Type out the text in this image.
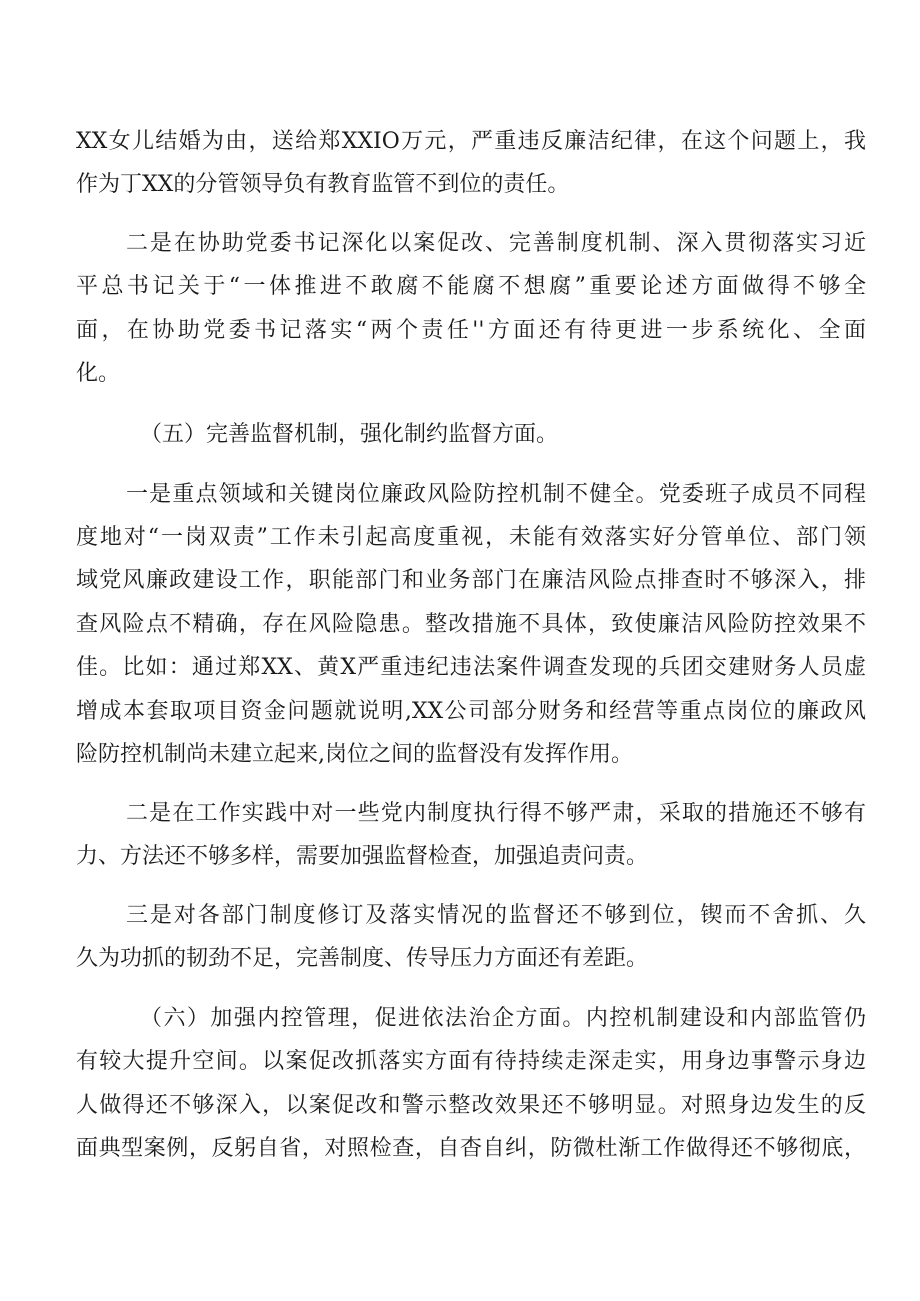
XX女儿结婚为由，送给郑XXIO万元，严重违反廉洁纪律，在这个问题上，我
作为丁XX的分管领导负有教育监管不到位的责任。
二是在协助党委书记深化以案促改、完善制度机制、深入贯彻落实习近
平总书记关于“一体推进不敢腐不能腐不想腐”重要论述方面做得不够全
面，在协助党委书记落实“两个责任''方面还有待更进一步系统化、全面
化。
（五）完善监督机制，强化制约监督方面。
一是重点领域和关键岗位廉政风险防控机制不健全。党委班子成员不同程
度地对“一岗双责”工作未引起高度重视，未能有效落实好分管单位、部门领
域党风廉政建设工作，职能部门和业务部门在廉洁风险点排查时不够深入，排
查风险点不精确，存在风险隐患。整改措施不具体，致使廉洁风险防控效果不
佳。比如：通过郑XX、黄X严重违纪违法案件调查发现的兵团交建财务人员虚
增成本套取项目资金问题就说明,XX公司部分财务和经营等重点岗位的廉政风
险防控机制尚未建立起来,岗位之间的监督没有发挥作用。
二是在工作实践中对一些党内制度执行得不够严肃，采取的措施还不够有
力、方法还不够多样，需要加强监督检查，加强追责问责。
三是对各部门制度修订及落实情况的监督还不够到位，锲而不舍抓、久
久为功抓的韧劲不足，完善制度、传导压力方面还有差距。
（六）加强内控管理，促进依法治企方面。内控机制建设和内部监管仍
有较大提升空间。以案促改抓落实方面有待持续走深走实，用身边事警示身边
人做得还不够深入，以案促改和警示整改效果还不够明显。对照身边发生的反
面典型案例，反躬自省，对照检查，自杳自纠，防微杜渐工作做得还不够彻底，
